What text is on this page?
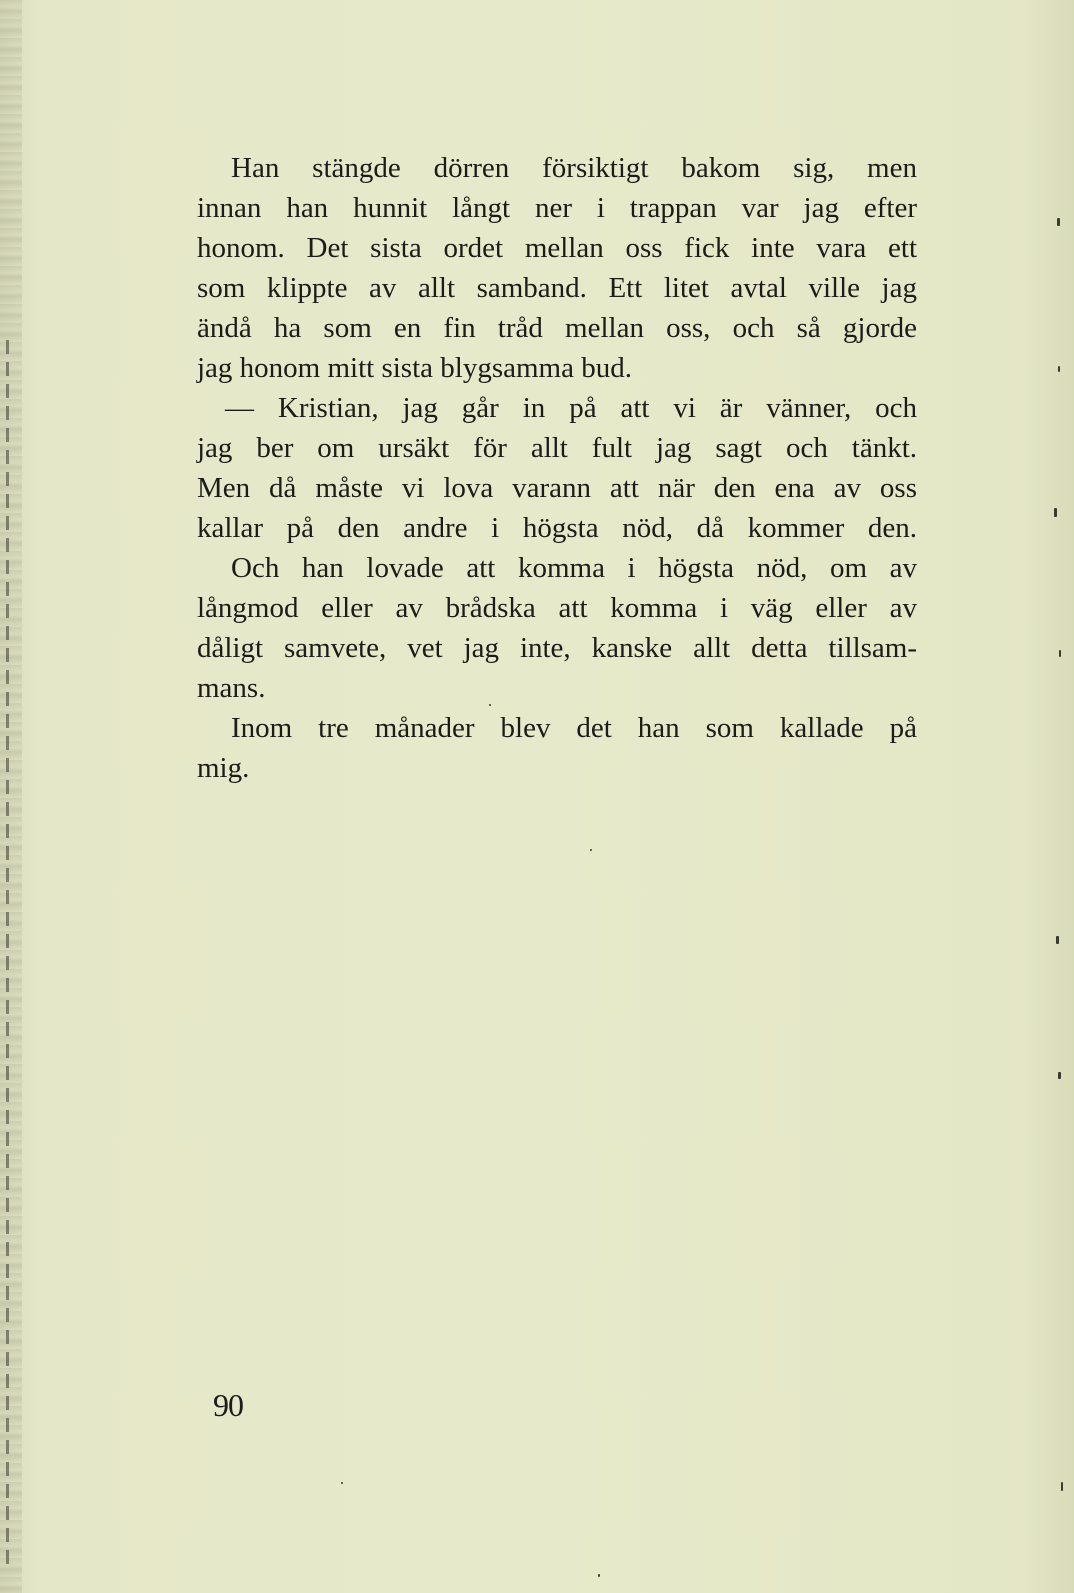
Han stängde dörren försiktigt bakom sig, men
innan han hunnit långt ner i trappan var jag efter
honom. Det sista ordet mellan oss fick inte vara ett
som klippte av allt samband. Ett litet avtal ville jag
ändå ha som en fin tråd mellan oss, och så gjorde
jag honom mitt sista blygsamma bud.
— Kristian, jag går in på att vi är vänner, och
jag ber om ursäkt för allt fult jag sagt och tänkt.
Men då måste vi lova varann att när den ena av oss
kallar på den andre i högsta nöd, då kommer den.
Och han lovade att komma i högsta nöd, om av
långmod eller av brådska att komma i väg eller av
dåligt samvete, vet jag inte, kanske allt detta tillsam-
mans.
Inom tre månader blev det han som kallade på
mig.
90
